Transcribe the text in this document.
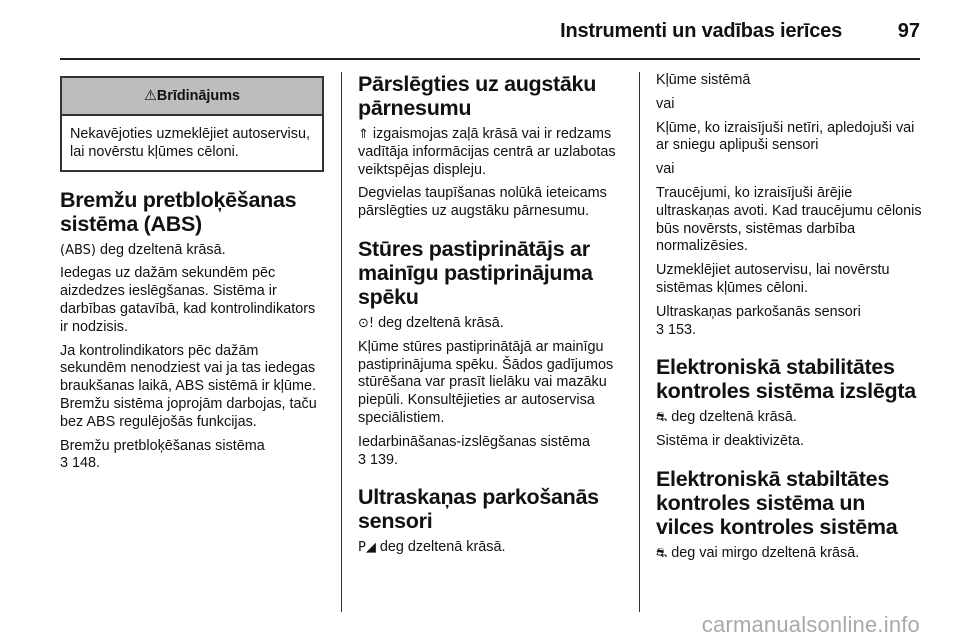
Instrumenti un vadības ierīces	97
⚠Brīdinājums

Nekavējoties uzmeklējiet autoservisu, lai novērstu kļūmes cēloni.

Bremžu pretbloķēšanas sistēma (ABS)

(ABS) deg dzeltenā krāsā.

Iedegas uz dažām sekundēm pēc aizdedzes ieslēgšanas. Sistēma ir darbības gatavībā, kad kontrolindikators ir nodzisis.

Ja kontrolindikators pēc dažām sekundēm nenodziest vai ja tas iedegas braukšanas laikā, ABS sistēmā ir kļūme. Bremžu sistēma joprojām darbojas, taču bez ABS regulējošās funkcijas.

Bremžu pretbloķēšanas sistēma
3 148.

Pārslēgties uz augstāku pārnesumu

⇑ izgaismojas zaļā krāsā vai ir redzams vadītāja informācijas centrā ar uzlabotas veiktspējas displeju.

Degvielas taupīšanas nolūkā ieteicams pārslēgties uz augstāku pārnesumu.

Stūres pastiprinātājs ar mainīgu pastiprinājuma spēku

⊙! deg dzeltenā krāsā.

Kļūme stūres pastiprinātājā ar mainīgu pastiprinājuma spēku. Šādos gadījumos stūrēšana var prasīt lielāku vai mazāku piepūli. Konsultējieties ar autoservisa speciālistiem.

Iedarbināšanas-izslēgšanas sistēma
3 139.

Ultraskaņas parkošanās sensori

P◢ deg dzeltenā krāsā.

Kļūme sistēmā

vai

Kļūme, ko izraisījuši netīri, apledojuši vai ar sniegu aplipuši sensori

vai

Traucējumi, ko izraisījuši ārējie ultraskaņas avoti. Kad traucējumu cēlonis būs novērsts, sistēmas darbība normalizēsies.

Uzmeklējiet autoservisu, lai novērstu sistēmas kļūmes cēloni.

Ultraskaņas parkošanās sensori
3 153.

Elektroniskā stabilitātes kontroles sistēma izslēgta

⛐ deg dzeltenā krāsā.

Sistēma ir deaktivizēta.

Elektroniskā stabiltātes kontroles sistēma un vilces kontroles sistēma

⛐ deg vai mirgo dzeltenā krāsā.

carmanualsonline.info
